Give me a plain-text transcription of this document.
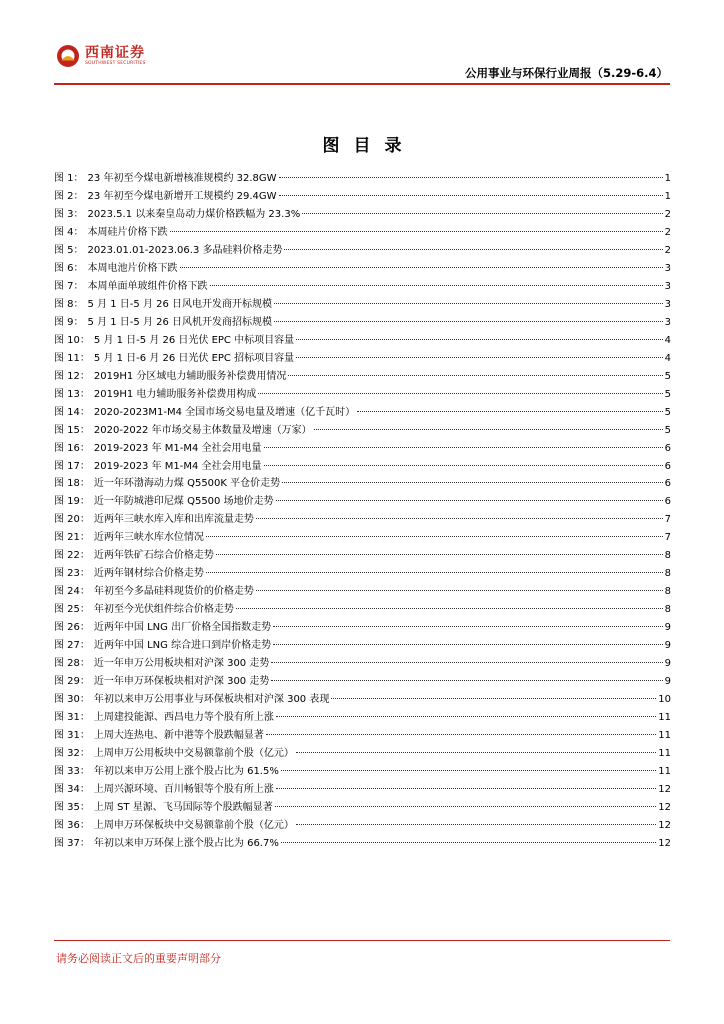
西南证券
SOUTHWEST SECURITIES
公用事业与环保行业周报（5.29-6.4）
图目录
图 1： 23 年初至今煤电新增核准规模约 32.8GW	1
图 2： 23 年初至今煤电新增开工规模约 29.4GW	1
图 3： 2023.5.1 以来秦皇岛动力煤价格跌幅为 23.3%	2
图 4： 本周硅片价格下跌	2
图 5： 2023.01.01-2023.06.3 多晶硅料价格走势	2
图 6： 本周电池片价格下跌	3
图 7： 本周单面单玻组件价格下跌	3
图 8： 5 月 1 日-5 月 26 日风电开发商开标规模	3
图 9： 5 月 1 日-5 月 26 日风机开发商招标规模	3
图 10： 5 月 1 日-5 月 26 日光伏 EPC 中标项目容量	4
图 11： 5 月 1 日-6 月 26 日光伏 EPC 招标项目容量	4
图 12： 2019H1 分区域电力辅助服务补偿费用情况	5
图 13： 2019H1 电力辅助服务补偿费用构成	5
图 14： 2020-2023M1-M4 全国市场交易电量及增速（亿千瓦时）	5
图 15： 2020-2022 年市场交易主体数量及增速（万家）	5
图 16： 2019-2023 年 M1-M4 全社会用电量	6
图 17： 2019-2023 年 M1-M4 全社会用电量	6
图 18： 近一年环渤海动力煤 Q5500K 平仓价走势	6
图 19： 近一年防城港印尼煤 Q5500 场地价走势	6
图 20： 近两年三峡水库入库和出库流量走势	7
图 21： 近两年三峡水库水位情况	7
图 22： 近两年铁矿石综合价格走势	8
图 23： 近两年钢材综合价格走势	8
图 24： 年初至今多晶硅料现货价的价格走势	8
图 25： 年初至今光伏组件综合价格走势	8
图 26： 近两年中国 LNG 出厂价格全国指数走势	9
图 27： 近两年中国 LNG 综合进口到岸价格走势	9
图 28： 近一年申万公用板块相对沪深 300 走势	9
图 29： 近一年申万环保板块相对沪深 300 走势	9
图 30： 年初以来申万公用事业与环保板块相对沪深 300 表现	10
图 31： 上周建投能源、西昌电力等个股有所上涨	11
图 31： 上周大连热电、新中港等个股跌幅显著	11
图 32： 上周申万公用板块中交易额靠前个股（亿元）	11
图 33： 年初以来申万公用上涨个股占比为 61.5%	11
图 34： 上周兴源环境、百川畅银等个股有所上涨	12
图 35： 上周 ST 星源、飞马国际等个股跌幅显著	12
图 36： 上周申万环保板块中交易额靠前个股（亿元）	12
图 37： 年初以来申万环保上涨个股占比为 66.7%	12
请务必阅读正文后的重要声明部分
